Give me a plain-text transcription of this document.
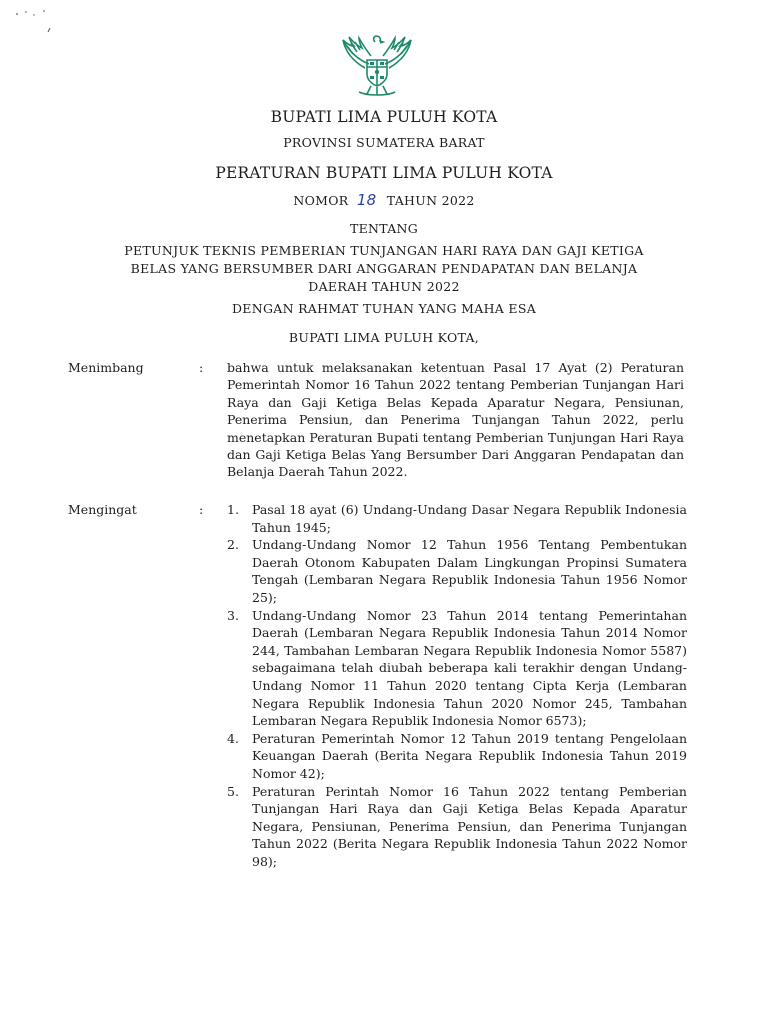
BUPATI LIMA PULUH KOTA
PROVINSI SUMATERA BARAT
PERATURAN BUPATI LIMA PULUH KOTA
NOMOR 18 TAHUN 2022
TENTANG
PETUNJUK TEKNIS PEMBERIAN TUNJANGAN HARI RAYA DAN GAJI KETIGA
BELAS YANG BERSUMBER DARI ANGGARAN PENDAPATAN DAN BELANJA
DAERAH TAHUN 2022
DENGAN RAHMAT TUHAN YANG MAHA ESA
BUPATI LIMA PULUH KOTA,
Menimbang	: bahwa untuk melaksanakan ketentuan Pasal 17 Ayat (2) Peraturan Pemerintah Nomor 16 Tahun 2022 tentang Pemberian Tunjangan Hari Raya dan Gaji Ketiga Belas Kepada Aparatur Negara, Pensiunan, Penerima Pensiun, dan Penerima Tunjangan Tahun 2022, perlu menetapkan Peraturan Bupati tentang Pemberian Tunjungan Hari Raya dan Gaji Ketiga Belas Yang Bersumber Dari Anggaran Pendapatan dan Belanja Daerah Tahun 2022.
Mengingat	: 1. Pasal 18 ayat (6) Undang-Undang Dasar Negara Republik Indonesia Tahun 1945;
2. Undang-Undang Nomor 12 Tahun 1956 Tentang Pembentukan Daerah Otonom Kabupaten Dalam Lingkungan Propinsi Sumatera Tengah (Lembaran Negara Republik Indonesia Tahun 1956 Nomor 25);
3. Undang-Undang Nomor 23 Tahun 2014 tentang Pemerintahan Daerah (Lembaran Negara Republik Indonesia Tahun 2014 Nomor 244, Tambahan Lembaran Negara Republik Indonesia Nomor 5587) sebagaimana telah diubah beberapa kali terakhir dengan Undang-Undang Nomor 11 Tahun 2020 tentang Cipta Kerja (Lembaran Negara Republik Indonesia Tahun 2020 Nomor 245, Tambahan Lembaran Negara Republik Indonesia Nomor 6573);
4. Peraturan Pemerintah Nomor 12 Tahun 2019 tentang Pengelolaan Keuangan Daerah (Berita Negara Republik Indonesia Tahun 2019 Nomor 42);
5. Peraturan Perintah Nomor 16 Tahun 2022 tentang Pemberian Tunjangan Hari Raya dan Gaji Ketiga Belas Kepada Aparatur Negara, Pensiunan, Penerima Pensiun, dan Penerima Tunjangan Tahun 2022 (Berita Negara Republik Indonesia Tahun 2022 Nomor 98);
